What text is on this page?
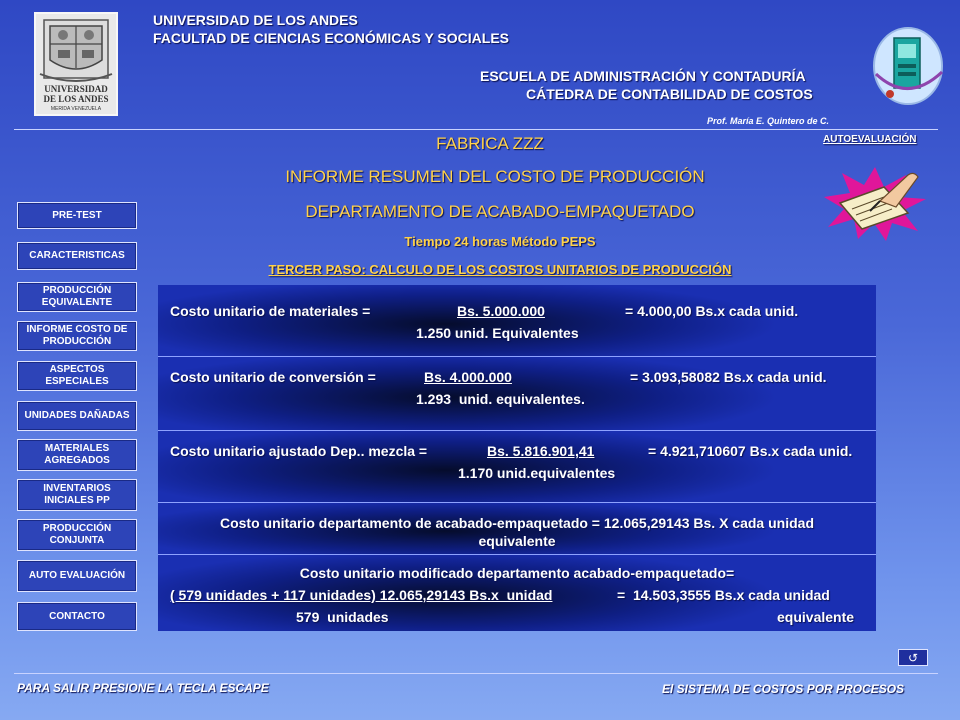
UNIVERSIDAD DE LOS ANDES
MERIDA VENEZUELA
UNIVERSIDAD DE LOS ANDES
FACULTAD DE CIENCIAS ECONÓMICAS Y SOCIALES
ESCUELA DE ADMINISTRACIÓN Y CONTADURÍA
CÁTEDRA DE CONTABILIDAD DE COSTOS
Prof. María E. Quintero de C.
AUTOEVALUACIÓN
FABRICA ZZZ
INFORME RESUMEN DEL COSTO DE PRODUCCIÓN
DEPARTAMENTO DE ACABADO-EMPAQUETADO
Tiempo 24 horas Método PEPS
TERCER PASO: CALCULO DE LOS COSTOS UNITARIOS DE PRODUCCIÓN
PRE-TEST
CARACTERISTICAS
PRODUCCIÓN EQUIVALENTE
INFORME COSTO DE PRODUCCIÓN
ASPECTOS ESPECIALES
UNIDADES DAÑADAS
MATERIALES AGREGADOS
INVENTARIOS INICIALES PP
PRODUCCIÓN CONJUNTA
AUTO EVALUACIÓN
CONTACTO
Costo unitario de materiales =	Bs. 5.000.000	= 4.000,00 Bs.x cada unid.
1.250 unid. Equivalentes
Costo unitario de conversión =	Bs. 4.000.000	= 3.093,58082 Bs.x cada unid.
1.293  unid. equivalentes.
Costo unitario ajustado Dep.. mezcla =	Bs. 5.816.901,41	= 4.921,710607 Bs.x cada unid.
1.170 unid.equivalentes
Costo unitario departamento de acabado-empaquetado = 12.065,29143 Bs. X cada unidad
equivalente
Costo unitario modificado departamento acabado-empaquetado=
( 579 unidades + 117 unidades) 12.065,29143 Bs.x  unidad	=  14.503,3555 Bs.x cada unidad
579  unidades	equivalente
↺
PARA SALIR PRESIONE LA TECLA ESCAPE	El SISTEMA DE COSTOS POR PROCESOS
